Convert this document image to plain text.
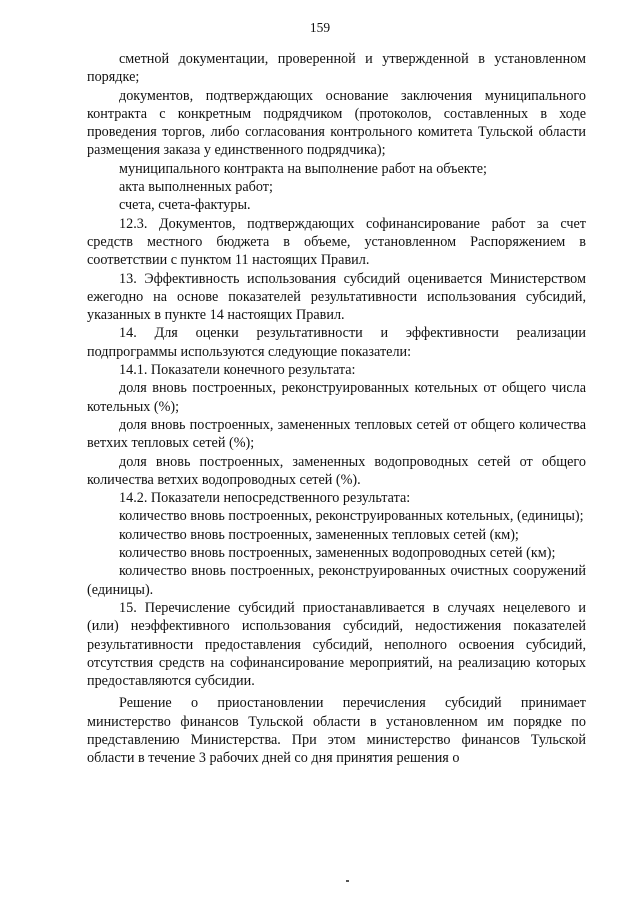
159

сметной документации, проверенной и утвержденной в установленном

порядке;

документов, подтверждающих основание заключения муниципального контракта с конкретным подрядчиком (протоколов, составленных в ходе проведения торгов, либо согласования контрольного комитета Тульской области размещения заказа у единственного подрядчика);

муниципального контракта на выполнение работ на объекте;

акта выполненных работ;

счета, счета-фактуры.

12.3. Документов, подтверждающих софинансирование работ за счет средств местного бюджета в объеме, установленном Распоряжением в соответствии с пунктом 11 настоящих Правил.

13. Эффективность использования субсидий оценивается Министерством ежегодно на основе показателей результативности использования субсидий, указанных в пункте 14 настоящих Правил.

14. Для оценки результативности и эффективности реализации подпрограммы используются следующие показатели:

14.1. Показатели конечного результата:

доля вновь построенных, реконструированных котельных от общего числа котельных (%);

доля вновь построенных, замененных тепловых сетей от общего количества ветхих тепловых сетей (%);

доля вновь построенных, замененных водопроводных сетей от общего количества ветхих водопроводных сетей (%).

14.2. Показатели непосредственного результата:

количество вновь построенных, реконструированных котельных, (единицы);

количество вновь построенных, замененных тепловых сетей (км);

количество вновь построенных, замененных водопроводных сетей (км);

количество вновь построенных, реконструированных очистных сооружений (единицы).

15. Перечисление субсидий приостанавливается в случаях нецелевого и (или) неэффективного использования субсидий, недостижения показателей результативности предоставления субсидий, неполного освоения субсидий, отсутствия средств на софинансирование мероприятий, на реализацию которых предоставляются субсидии.

Решение о приостановлении перечисления субсидий принимает министерство финансов Тульской области в установленном им порядке по представлению Министерства. При этом министерство финансов Тульской области в течение 3 рабочих дней со дня принятия решения о
